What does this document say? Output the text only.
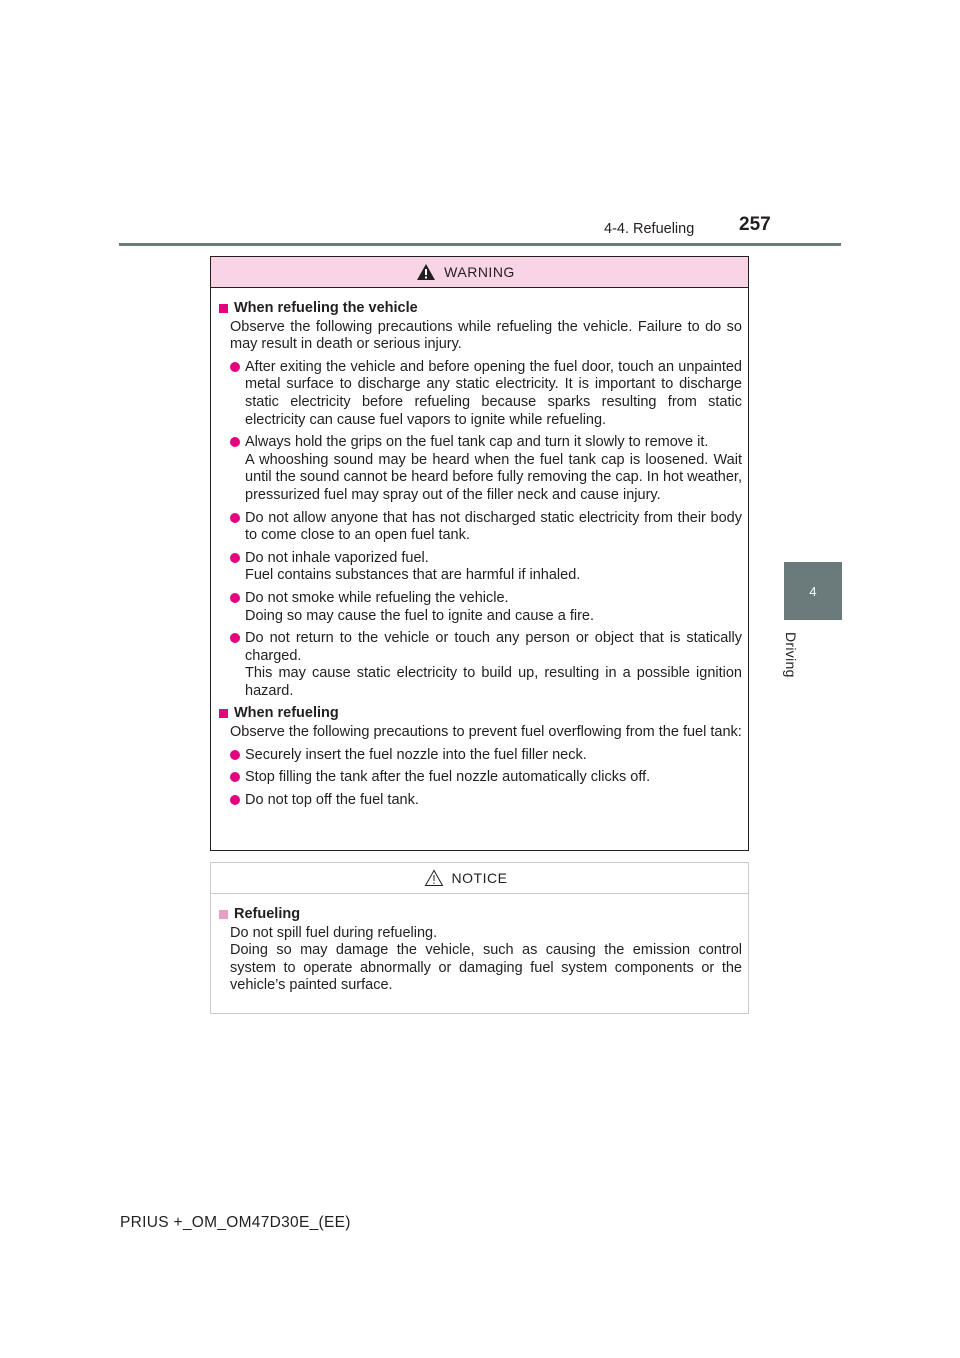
4-4. Refueling 257
4
Driving
WARNING
When refueling the vehicle
Observe the following precautions while refueling the vehicle. Failure to do so may result in death or serious injury.
After exiting the vehicle and before opening the fuel door, touch an unpainted metal surface to discharge any static electricity. It is important to discharge static electricity before refueling because sparks resulting from static electricity can cause fuel vapors to ignite while refueling.
Always hold the grips on the fuel tank cap and turn it slowly to remove it.
A whooshing sound may be heard when the fuel tank cap is loosened. Wait until the sound cannot be heard before fully removing the cap. In hot weather, pressurized fuel may spray out of the filler neck and cause injury.
Do not allow anyone that has not discharged static electricity from their body to come close to an open fuel tank.
Do not inhale vaporized fuel.
Fuel contains substances that are harmful if inhaled.
Do not smoke while refueling the vehicle.
Doing so may cause the fuel to ignite and cause a fire.
Do not return to the vehicle or touch any person or object that is statically charged.
This may cause static electricity to build up, resulting in a possible ignition hazard.
When refueling
Observe the following precautions to prevent fuel overflowing from the fuel tank:
Securely insert the fuel nozzle into the fuel filler neck.
Stop filling the tank after the fuel nozzle automatically clicks off.
Do not top off the fuel tank.
NOTICE
Refueling
Do not spill fuel during refueling.
Doing so may damage the vehicle, such as causing the emission control system to operate abnormally or damaging fuel system components or the vehicle’s painted surface.
PRIUS +_OM_OM47D30E_(EE)
